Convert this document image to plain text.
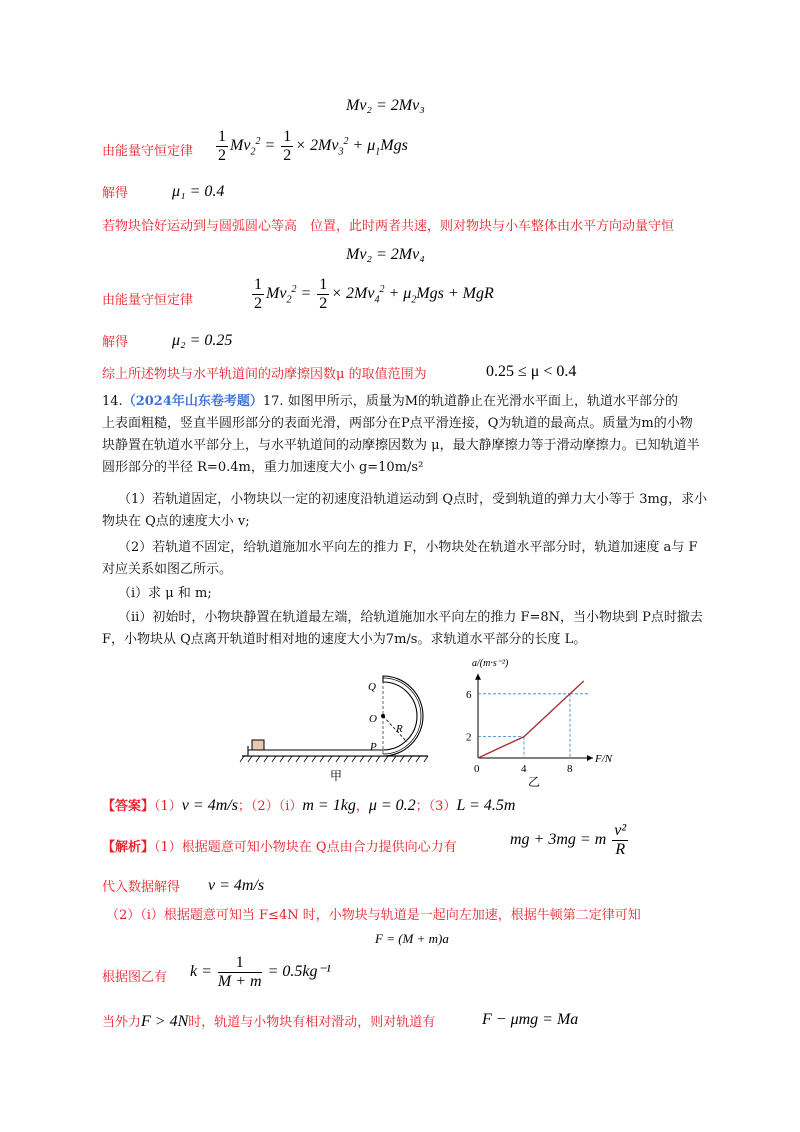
Mv₂ = 2Mv₃
由能量守恒定律 $\frac{1}{2} Mv_2^2 = \frac{1}{2} \times 2Mv_3^2 + \mu_1Mgs$
解得	μ₁ = 0.4
若物块恰好运动到与圆弧圆心等高　位置，此时两者共速，则对物块与小车整体由水平方向动量守恒
Mv₂ = 2Mv₄
由能量守恒定律	$\frac{1}{2} Mv_2^2 = \frac{1}{2} \times 2Mv_4^2 + \mu_2Mgs$ + MgR
解得	μ₂ = 0.25
综上所述物块与水平轨道间的动摩擦因数μ 的取值范围为	0.25 ≤ μ < 0.4
14.（2024年山东卷考题）17. 如图甲所示，质量为M的轨道静止在光滑水平面上，轨道水平部分的
上表面粗糙，竖直半圆形部分的表面光滑，两部分在P点平滑连接，Q为轨道的最高点。质量为m的小物
块静置在轨道水平部分上，与水平轨道间的动摩擦因数为 μ，最大静摩擦力等于滑动摩擦力。已知轨道半
圆形部分的半径 R=0.4m，重力加速度大小 g=10m/s²
（1）若轨道固定，小物块以一定的初速度沿轨道运动到 Q点时，受到轨道的弹力大小等于 3mg，求小
物块在 Q点的速度大小 v;
（2）若轨道不固定，给轨道施加水平向左的推力 F，小物块处在轨道水平部分时，轨道加速度 a与 F
对应关系如图乙所示。
（i）求 μ 和 m;
（ii）初始时，小物块静置在轨道最左端，给轨道施加水平向左的推力 F=8N，当小物块到 P点时撤去
F，小物块从 Q点离开轨道时相对地的速度大小为7m/s。求轨道水平部分的长度 L。
Q
O
R
P
甲	0	4	8
2
6
F/N
a/(m·s⁻²)
乙
【答案】（1）v = 4m/s；（2）（i）m = 1kg，μ = 0.2；（3）L = 4.5m
【解析】（1）根据题意可知小物块在 Q点由合力提供向心力有	mg + 3mg = m $\frac{\text{v²}}{R}$
代入数据解得 v = 4m/s
（2）（i）根据题意可知当 F≤4N 时，小物块与轨道是一起向左加速，根据牛顿第二定律可知
F = (M + m)a
根据图乙有 $k = \frac{1}{M + m} = 0.5kg^{-1}$
当外力F > 4N时，轨道与小物块有相对滑动，则对轨道有	F − μmg = Ma
